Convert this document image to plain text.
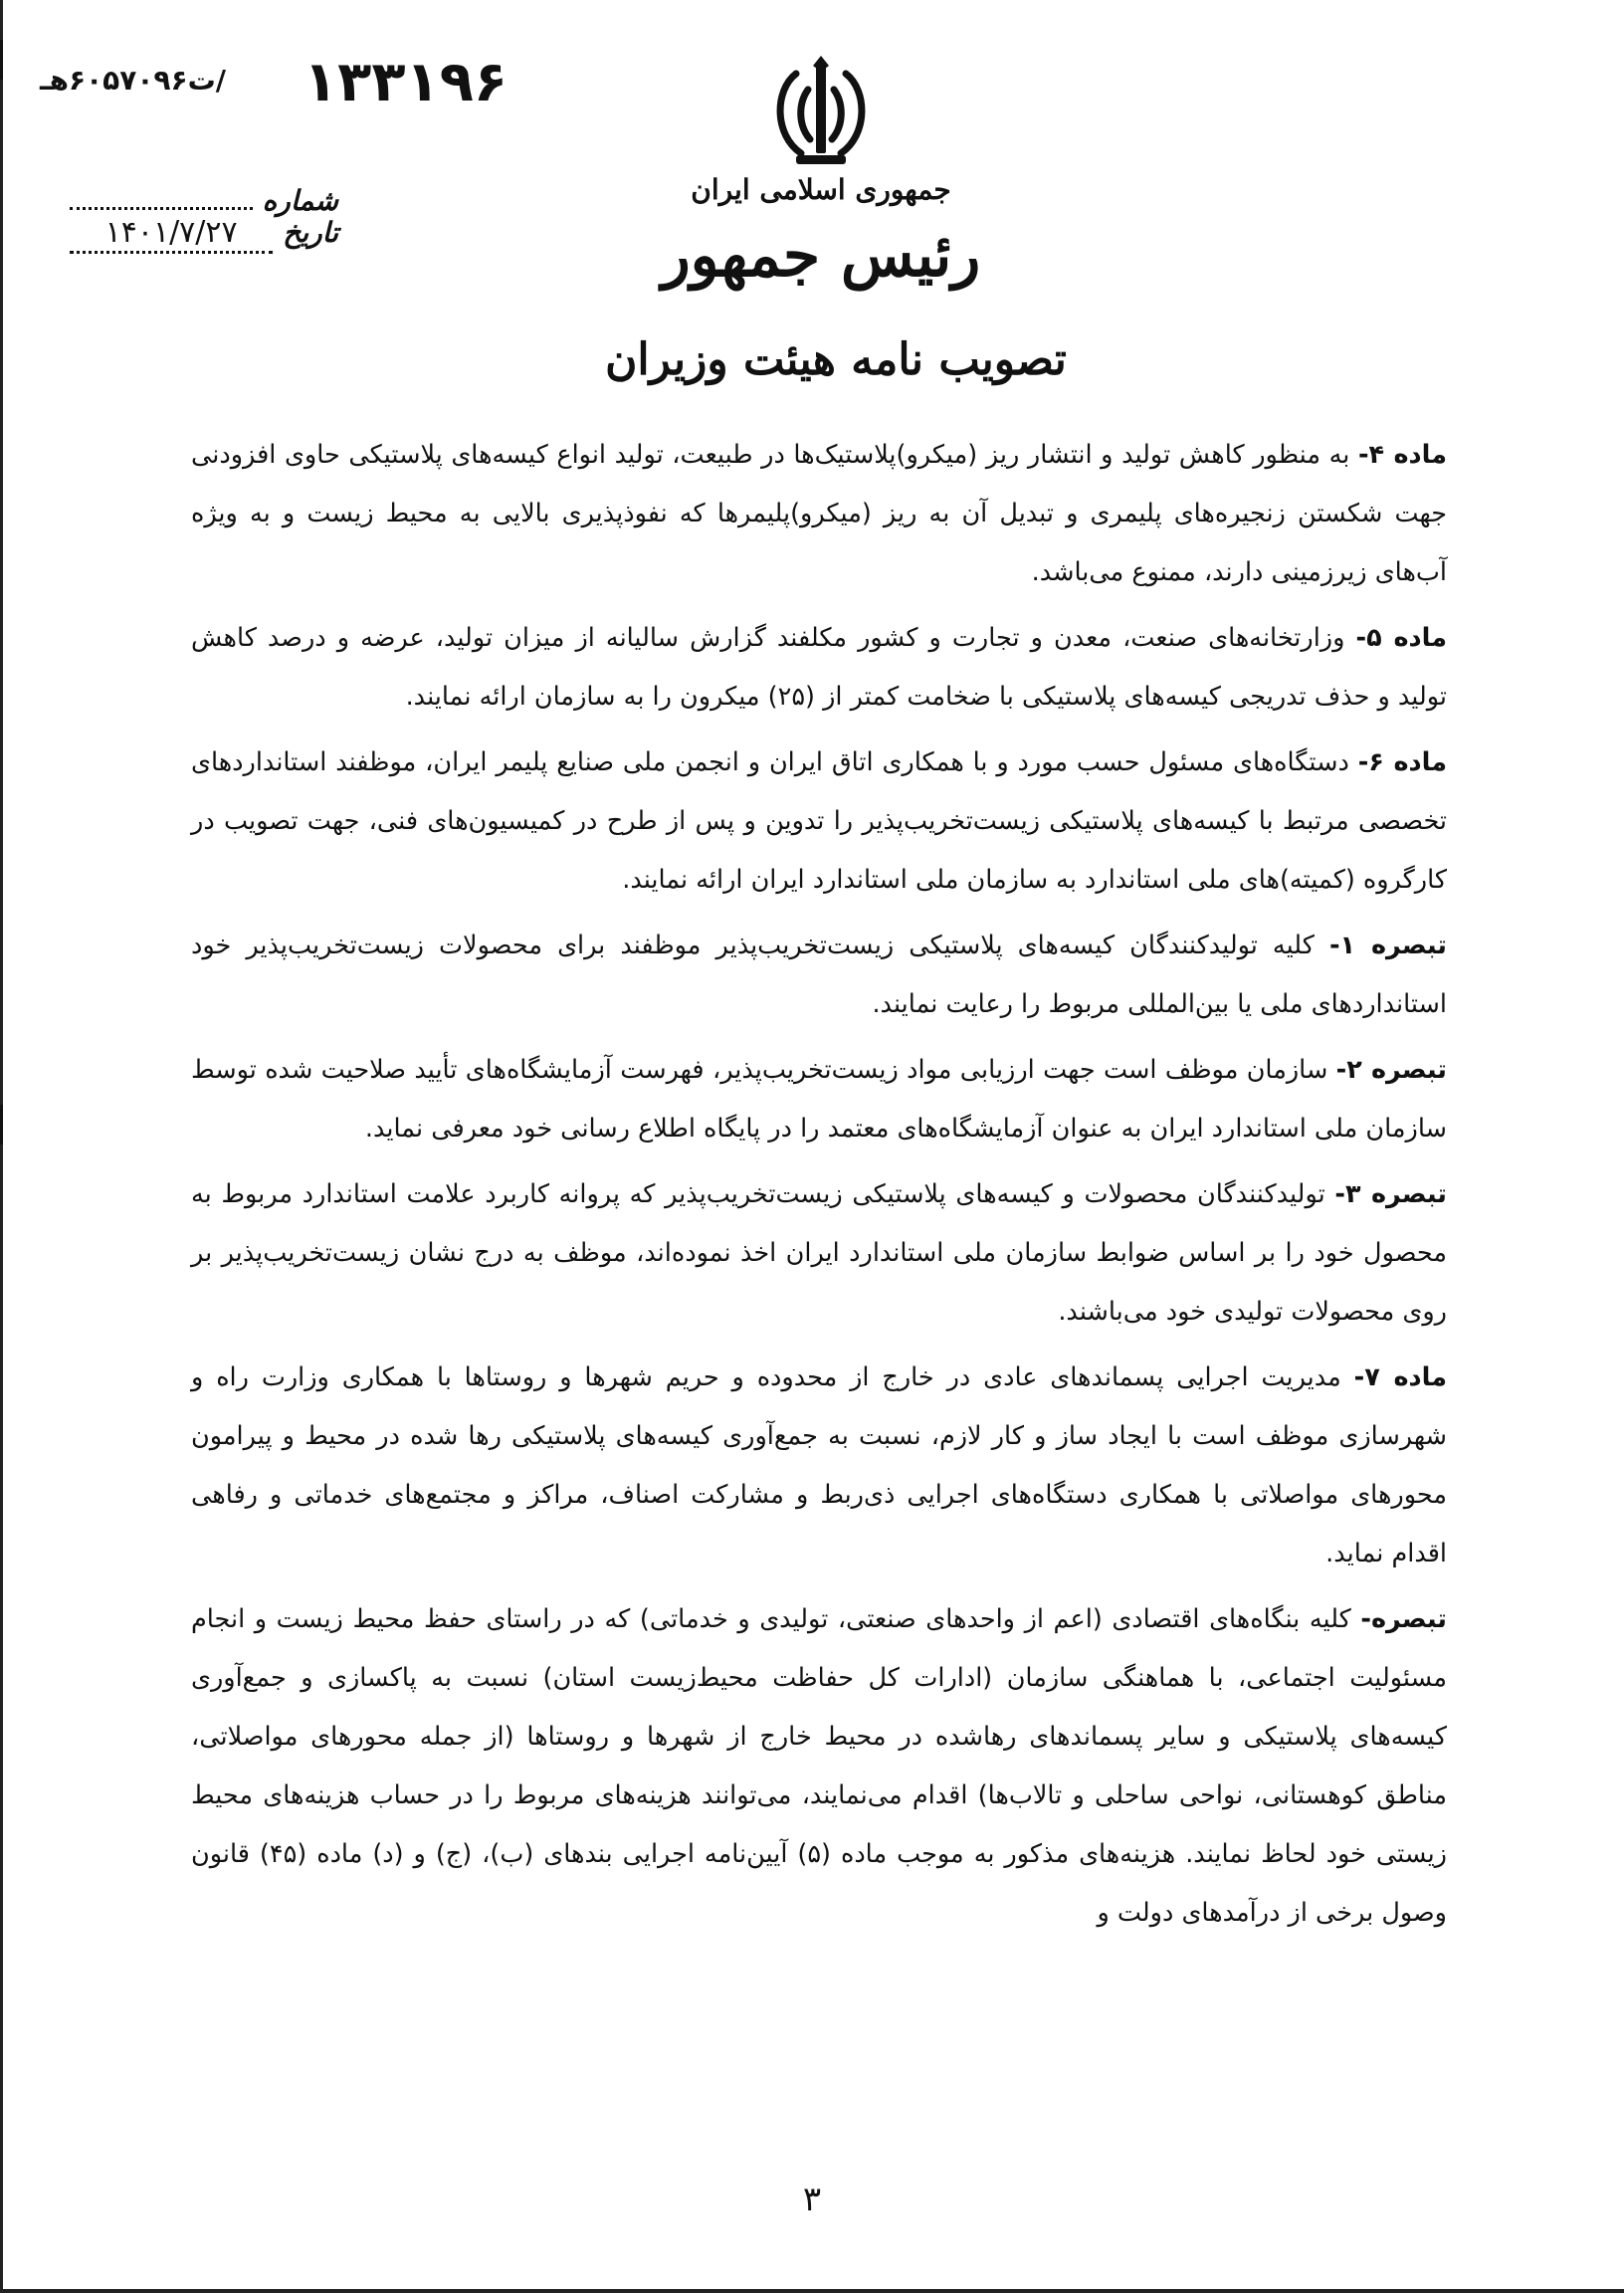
/ت۶۰۵۷۰۹۶هـ ۱۳۳۱۹۶
شماره
تاریخ
۱۴۰۱/۷/۲۷
جمهوری اسلامی ایران
رئیس جمهور
تصویب نامه هیئت وزیران

ماده ۴- به منظور کاهش تولید و انتشار ریز (میکرو)پلاستیک‌ها در طبیعت، تولید انواع کیسه‌های پلاستیکی حاوی افزودنی جهت شکستن زنجیره‌های پلیمری و تبدیل آن به ریز (میکرو)پلیمرها که نفوذپذیری بالایی به محیط زیست و به ویژه آب‌های زیرزمینی دارند، ممنوع می‌باشد.

ماده ۵- وزارتخانه‌های صنعت، معدن و تجارت و کشور مکلفند گزارش سالیانه از میزان تولید، عرضه و درصد کاهش تولید و حذف تدریجی کیسه‌های پلاستیکی با ضخامت کمتر از (۲۵) میکرون را به سازمان ارائه نمایند.

ماده ۶- دستگاه‌های مسئول حسب مورد و با همکاری اتاق ایران و انجمن ملی صنایع پلیمر ایران، موظفند استانداردهای تخصصی مرتبط با کیسه‌های پلاستیکی زیست‌تخریب‌پذیر را تدوین و پس از طرح در کمیسیون‌های فنی، جهت تصویب در کارگروه (کمیته)های ملی استاندارد به سازمان ملی استاندارد ایران ارائه نمایند.

تبصره ۱- کلیه تولیدکنندگان کیسه‌های پلاستیکی زیست‌تخریب‌پذیر موظفند برای محصولات زیست‌تخریب‌پذیر خود استانداردهای ملی یا بین‌المللی مربوط را رعایت نمایند.

تبصره ۲- سازمان موظف است جهت ارزیابی مواد زیست‌تخریب‌پذیر، فهرست آزمایشگاه‌های تأیید صلاحیت شده توسط سازمان ملی استاندارد ایران به عنوان آزمایشگاه‌های معتمد را در پایگاه اطلاع رسانی خود معرفی نماید.

تبصره ۳- تولیدکنندگان محصولات و کیسه‌های پلاستیکی زیست‌تخریب‌پذیر که پروانه کاربرد علامت استاندارد مربوط به محصول خود را بر اساس ضوابط سازمان ملی استاندارد ایران اخذ نموده‌اند، موظف به درج نشان زیست‌تخریب‌پذیر بر روی محصولات تولیدی خود می‌باشند.

ماده ۷- مدیریت اجرایی پسماندهای عادی در خارج از محدوده و حریم شهرها و روستاها با همکاری وزارت راه و شهرسازی موظف است با ایجاد ساز و کار لازم، نسبت به جمع‌آوری کیسه‌های پلاستیکی رها شده در محیط و پیرامون محورهای مواصلاتی با همکاری دستگاه‌های اجرایی ذی‌ربط و مشارکت اصناف، مراکز و مجتمع‌های خدماتی و رفاهی اقدام نماید.

تبصره- کلیه بنگاه‌های اقتصادی (اعم از واحدهای صنعتی، تولیدی و خدماتی) که در راستای حفظ محیط زیست و انجام مسئولیت اجتماعی، با هماهنگی سازمان (ادارات کل حفاظت محیط‌زیست استان) نسبت به پاکسازی و جمع‌آوری کیسه‌های پلاستیکی و سایر پسماندهای رهاشده در محیط خارج از شهرها و روستاها (از جمله محورهای مواصلاتی، مناطق کوهستانی، نواحی ساحلی و تالاب‌ها) اقدام می‌نمایند، می‌توانند هزینه‌های مربوط را در حساب هزینه‌های محیط زیستی خود لحاظ نمایند. هزینه‌های مذکور به موجب ماده (۵) آیین‌نامه اجرایی بندهای (ب)، (ج) و (د) ماده (۴۵) قانون وصول برخی از درآمدهای دولت و

۳
